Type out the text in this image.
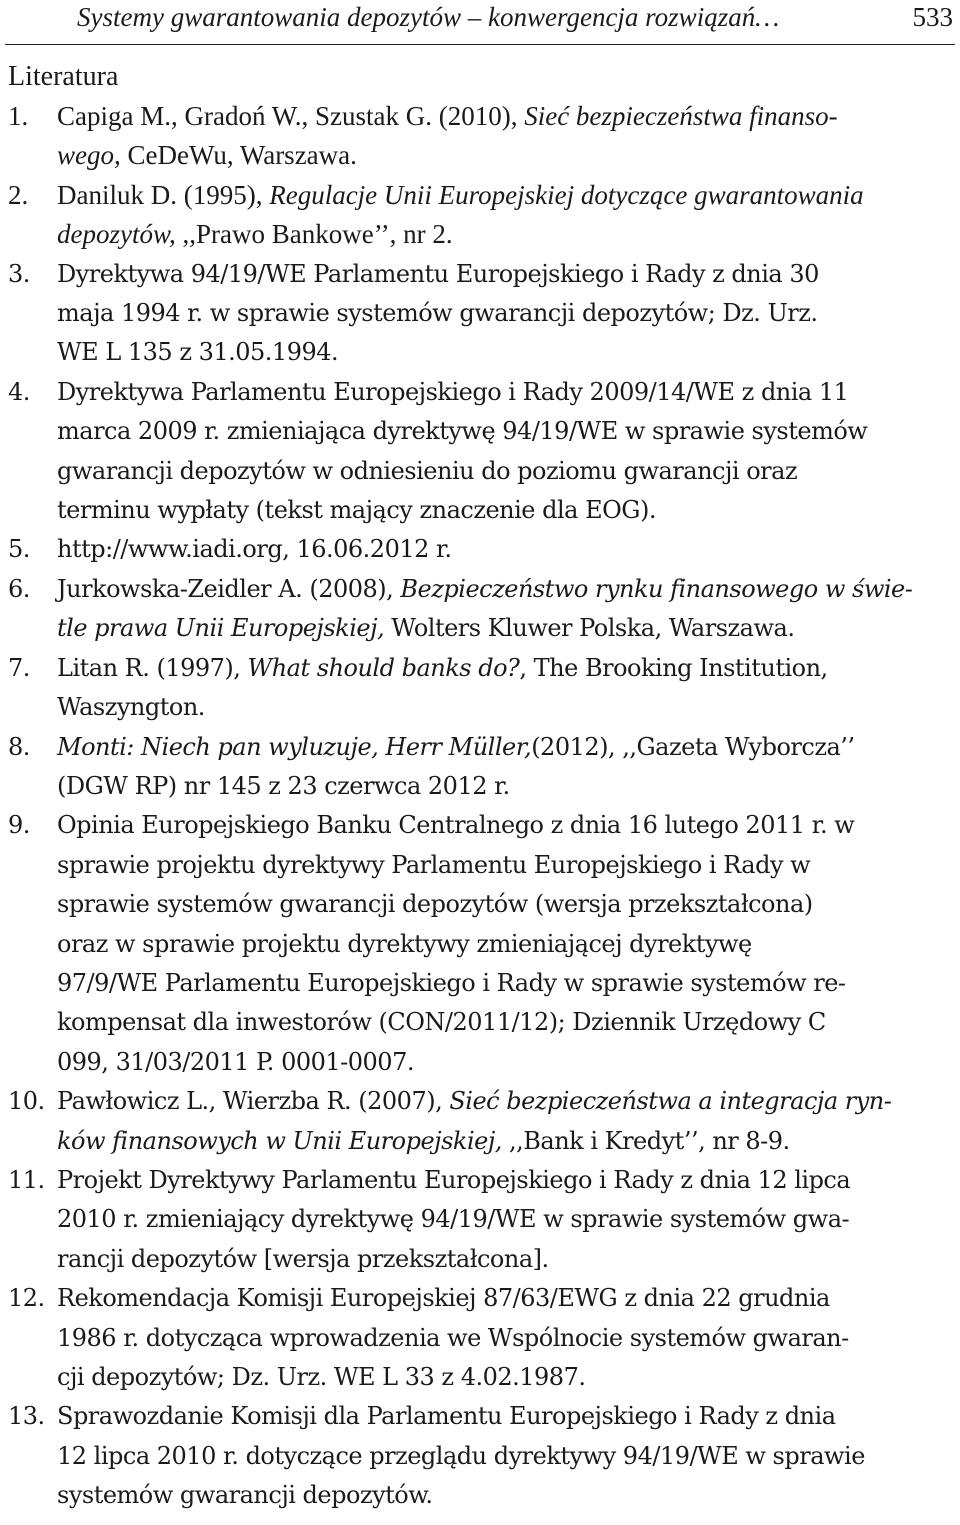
Systemy gwarantowania depozytów – konwergencja rozwiązań…	533
Literatura
1. Capiga M., Gradoń W., Szustak G. (2010), Sieć bezpieczeństwa finanso-
wego, CeDeWu, Warszawa.
2. Daniluk D. (1995), Regulacje Unii Europejskiej dotyczące gwarantowania
depozytów, ,,Prawo Bankowe’’, nr 2.
3. Dyrektywa 94/19/WE Parlamentu Europejskiego i Rady z dnia 30
maja 1994 r. w sprawie systemów gwarancji depozytów; Dz. Urz.
WE L 135 z 31.05.1994.
4. Dyrektywa Parlamentu Europejskiego i Rady 2009/14/WE z dnia 11
marca 2009 r. zmieniająca dyrektywę 94/19/WE w sprawie systemów
gwarancji depozytów w odniesieniu do poziomu gwarancji oraz
terminu wypłaty (tekst mający znaczenie dla EOG).
5. http://www.iadi.org, 16.06.2012 r.
6. Jurkowska-Zeidler A. (2008), Bezpieczeństwo rynku finansowego w świe-
tle prawa Unii Europejskiej, Wolters Kluwer Polska, Warszawa.
7. Litan R. (1997), What should banks do?, The Brooking Institution,
Waszyngton.
8. Monti: Niech pan wyluzuje, Herr Müller,(2012), ,,Gazeta Wyborcza’’
(DGW RP) nr 145 z 23 czerwca 2012 r.
9. Opinia Europejskiego Banku Centralnego z dnia 16 lutego 2011 r. w
sprawie projektu dyrektywy Parlamentu Europejskiego i Rady w
sprawie systemów gwarancji depozytów (wersja przekształcona)
oraz w sprawie projektu dyrektywy zmieniającej dyrektywę
97/9/WE Parlamentu Europejskiego i Rady w sprawie systemów re-
kompensat dla inwestorów (CON/2011/12); Dziennik Urzędowy C
099, 31/03/2011 P. 0001-0007.
10. Pawłowicz L., Wierzba R. (2007), Sieć bezpieczeństwa a integracja ryn-
ków finansowych w Unii Europejskiej, ,,Bank i Kredyt’’, nr 8-9.
11. Projekt Dyrektywy Parlamentu Europejskiego i Rady z dnia 12 lipca
2010 r. zmieniający dyrektywę 94/19/WE w sprawie systemów gwa-
rancji depozytów [wersja przekształcona].
12. Rekomendacja Komisji Europejskiej 87/63/EWG z dnia 22 grudnia
1986 r. dotycząca wprowadzenia we Wspólnocie systemów gwaran-
cji depozytów; Dz. Urz. WE L 33 z 4.02.1987.
13. Sprawozdanie Komisji dla Parlamentu Europejskiego i Rady z dnia
12 lipca 2010 r. dotyczące przeglądu dyrektywy 94/19/WE w sprawie
systemów gwarancji depozytów.
